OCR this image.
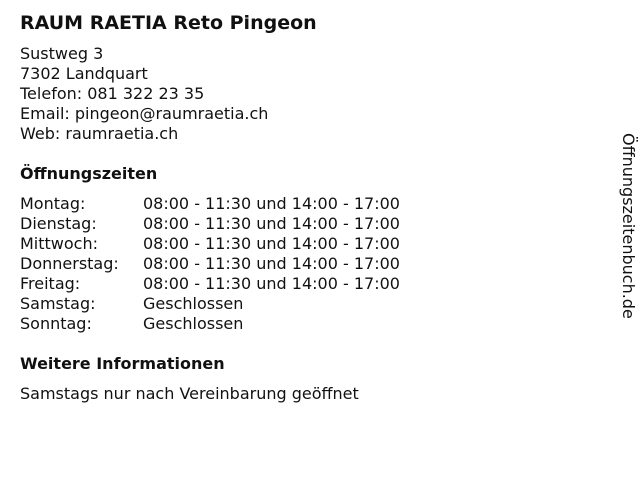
RAUM RAETIA Reto Pingeon
Sustweg 3
7302 Landquart
Telefon: 081 322 23 35
Email: pingeon@raumraetia.ch
Web: raumraetia.ch
Öffnungszeiten
Montag:	08:00 - 11:30 und 14:00 - 17:00
Dienstag:	08:00 - 11:30 und 14:00 - 17:00
Mittwoch:	08:00 - 11:30 und 14:00 - 17:00
Donnerstag:	08:00 - 11:30 und 14:00 - 17:00
Freitag:	08:00 - 11:30 und 14:00 - 17:00
Samstag:	Geschlossen
Sonntag:	Geschlossen
Weitere Informationen
Samstags nur nach Vereinbarung geöffnet
Öffnungszeitenbuch.de
